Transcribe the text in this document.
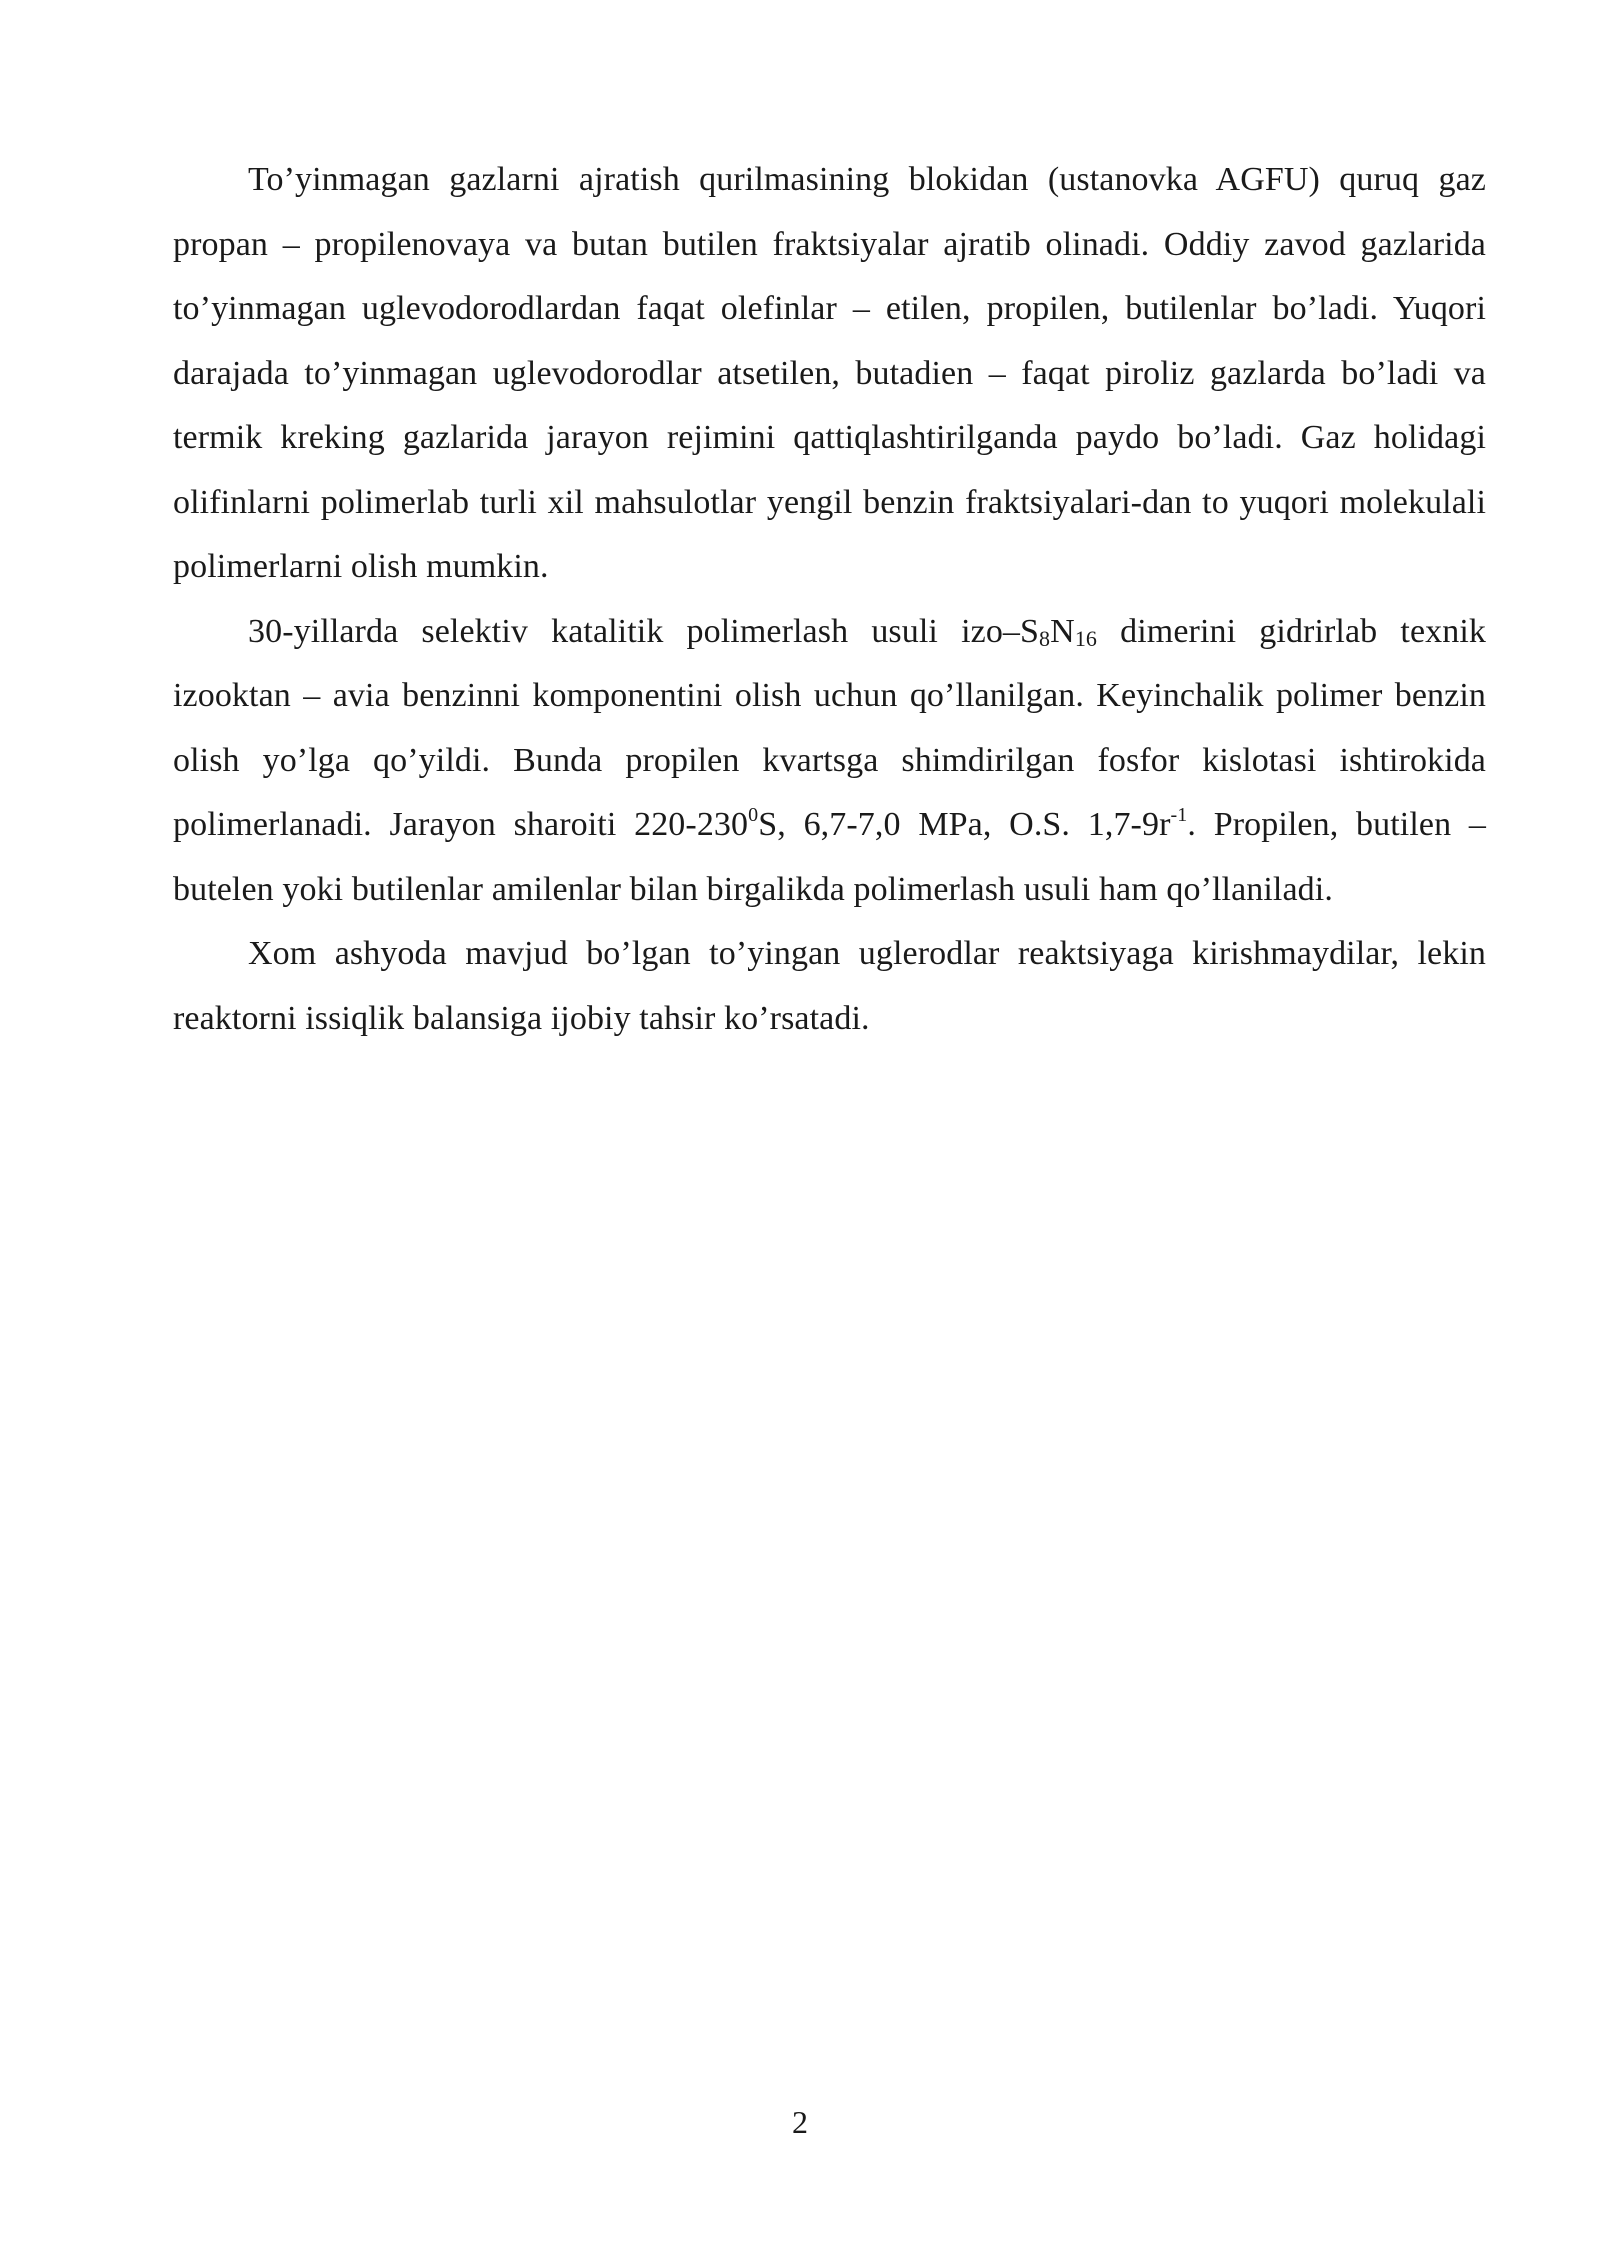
To’yinmagan gazlarni ajratish qurilmasining blokidan (ustanovka AGFU) quruq gaz propan – propilenovaya va butan butilen fraktsiyalar ajratib olinadi. Oddiy zavod gazlarida to’yinmagan uglevodorodlardan faqat olefinlar – etilen, propilen, butilenlar bo’ladi. Yuqori darajada to’yinmagan uglevodorodlar atsetilen, butadien – faqat piroliz gazlarda bo’ladi va termik kreking gazlarida jarayon rejimini qattiqlashtirilganda paydo bo’ladi. Gaz holidagi olifinlarni polimerlab turli xil mahsulotlar yengil benzin fraktsiyalari-dan to yuqori molekulali polimerlarni olish mumkin.

30-yillarda selektiv katalitik polimerlash usuli izo–$S_8N_{16}$ dimerini gidrirlab texnik izooktan – avia benzinni komponentini olish uchun qo’llanilgan. Keyinchalik polimer benzin olish yo’lga qo’yildi. Bunda propilen kvartsga shimdirilgan fosfor kislotasi ishtirokida polimerlanadi. Jarayon sharoiti $220-230^0S$, 6,7-7,0 MPa, O.S. $1,7-9r^{-1}$. Propilen, butilen – butelen yoki butilenlar amilenlar bilan birgalikda polimerlash usuli ham qo’llaniladi.

Xom ashyoda mavjud bo’lgan to’yingan uglerodlar reaktsiyaga kirishmaydilar, lekin reaktorni issiqlik balansiga ijobiy tahsir ko’rsatadi.

2
